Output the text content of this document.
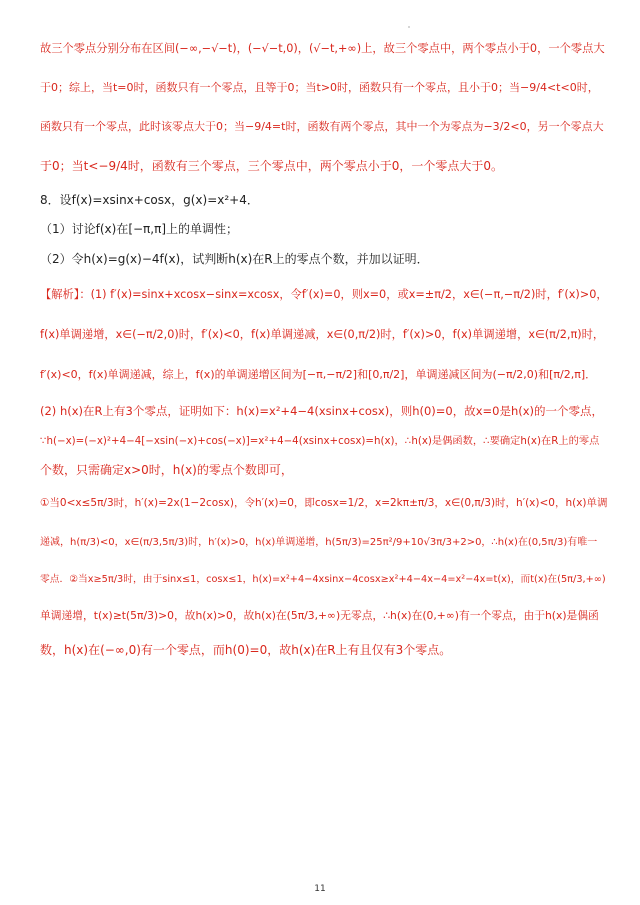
故三个零点分别分布在区间(−∞,−√−t)，(−√−t,0)，(√−t,+∞)上，故三个零点中，两个零点小于0，一个零点大
于0；综上，当t=0时，函数只有一个零点，且等于0；当t>0时，函数只有一个零点，且小于0；当−9/4<t<0时，
函数只有一个零点，此时该零点大于0；当−9/4=t时，函数有两个零点，其中一个为零点为−3/2<0，另一个零点大
于0；当t<−9/4时，函数有三个零点，三个零点中，两个零点小于0，一个零点大于0。
8．设f(x)=xsinx+cosx，g(x)=x²+4．
（1）讨论f(x)在[−π,π]上的单调性；
（2）令h(x)=g(x)−4f(x)，试判断h(x)在R上的零点个数，并加以证明．
【解析】：(1) f′(x)=sinx+xcosx−sinx=xcosx，令f′(x)=0，则x=0，或x=±π/2，x∈(−π,−π/2)时，f′(x)>0，
f(x)单调递增，x∈(−π/2,0)时，f′(x)<0，f(x)单调递减，x∈(0,π/2)时，f′(x)>0，f(x)单调递增，x∈(π/2,π)时，
f′(x)<0，f(x)单调递减，综上，f(x)的单调递增区间为[−π,−π/2]和[0,π/2]，单调递减区间为(−π/2,0)和[π/2,π]．
(2) h(x)在R上有3个零点，证明如下：h(x)=x²+4−4(xsinx+cosx)，则h(0)=0，故x=0是h(x)的一个零点，
∵h(−x)=(−x)²+4−4[−xsin(−x)+cos(−x)]=x²+4−4(xsinx+cosx)=h(x)，∴h(x)是偶函数，∴要确定h(x)在R上的零点
个数，只需确定x>0时，h(x)的零点个数即可，
①当0<x≤5π/3时，h′(x)=2x(1−2cosx)，令h′(x)=0，即cosx=1/2，x=2kπ±π/3，x∈(0,π/3)时，h′(x)<0，h(x)单调
递减，h(π/3)<0，x∈(π/3,5π/3)时，h′(x)>0，h(x)单调递增，h(5π/3)=25π²/9+10√3π/3+2>0，∴h(x)在(0,5π/3)有唯一
零点．②当x≥5π/3时，由于sinx≤1，cosx≤1，h(x)=x²+4−4xsinx−4cosx≥x²+4−4x−4=x²−4x=t(x)，而t(x)在(5π/3,+∞)
单调递增，t(x)≥t(5π/3)>0，故h(x)>0，故h(x)在(5π/3,+∞)无零点，∴h(x)在(0,+∞)有一个零点，由于h(x)是偶函
数，h(x)在(−∞,0)有一个零点，而h(0)=0，故h(x)在R上有且仅有3个零点。
11
